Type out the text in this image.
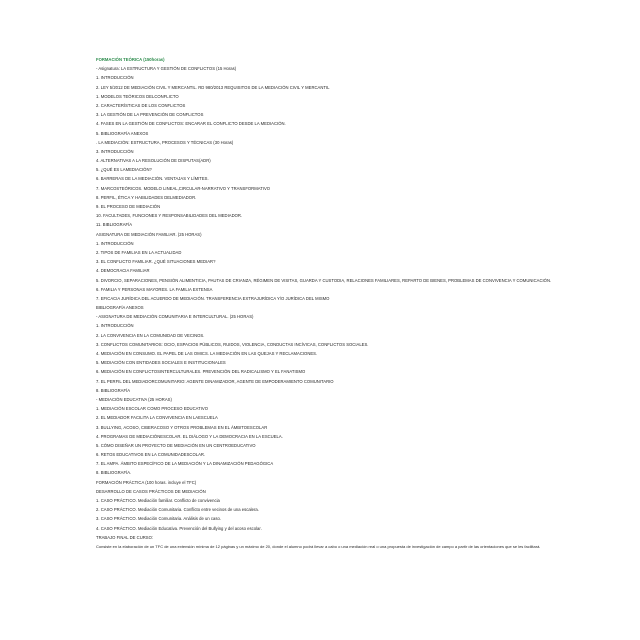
FORMACIÓN TEÓRICA (150horas)
- Asignatura: LA ESTRUCTURA Y GESTIÓN DE CONFLICTOS (15 Horas)
1. INTRODUCCIÓN
2. LEY 5/2012 DE MEDIACIÓN CIVIL Y MERCANTIL. RD 980/2013 REQUISITOS DE LA MEDIACIÓN CIVIL Y MERCANTIL
1. MODELOS TEÓRICOS DELCONFLICTO
2. CARACTERÍSTICAS DE LOS CONFLICTOS
3. LA GESTIÓN DE LA PREVENCIÓN DE CONFLICTOS
4. FASES EN LA GESTIÓN DE CONFLICTOS: ENCARAR EL CONFLICTO DESDE LA MEDIACIÓN.
5. BIBLIOGRAFÍA ANEXOS
. LA MEDIACIÓN: ESTRUCTURA, PROCESOS Y TÉCNICAS (30 Horas)
3. INTRODUCCIÓN
4. ALTERNATIVAS A LA RESOLUCIÓN DE DISPUTAS(ADR)
5. ¿QUÉ ES LAMEDIACIÓN?
6. BARRERAS DE LA MEDIACIÓN. VENTAJAS Y LÍMITES.
7. MARCOSTEÓRICOS. MODELO LINEAL,CIRCULAR-NARRATIVO Y TRANSFORMATIVO
8. PERFIL, ÉTICA Y HABILIDADES DELMEDIADOR.
9. EL PROCESO DE MEDIACIÓN
10. FACULTADES, FUNCIONES Y RESPONSABILIDADES DEL MEDIADOR.
11. BIBLIOGRAFÍA
ASIGNATURA DE MEDIACIÓN FAMILIAR. (25 HORAS)
1. INTRODUCCIÓN
2. TIPOS DE FAMILIAS EN LA ACTUALIDAD
3. EL CONFLICTO FAMILIAR. ¿QUÉ SITUACIONES MEDIAR?
4. DEMOCRACIA FAMILIAR
5. DIVORCIO, SEPARACIONES, PENSIÓN ALIMENTICIA, PAUTAS DE CRIANZA, RÉGIMEN DE VISITAS, GUARDA Y CUSTODIA, RELACIONES FAMILIARES, REPARTO DE BIENES, PROBLEMAS DE CONVIVENCIA Y COMUNICACIÓN.
6. FAMILIA Y PERSONAS MAYORES. LA FAMILIA EXTENSA
7. EFICACIA JURÍDICA DEL ACUERDO DE MEDIACIÓN. TRANSFERENCIA EXTRAJURÍDICA Y/O JURÍDICA DEL MISMO
BIBLIOGRAFÍA ANEXOS
- ASIGNATURA DE MEDIACIÓN COMUNITARIA E INTERCULTURAL. (25 HORAS)
1. INTRODUCCIÓN
2. LA CONVIVENCIA EN LA COMUNIDAD DE VECINOS.
3. CONFLICTOS COMUNITARIOS: OCIO, ESPACIOS PÚBLICOS, RUIDOS, VIOLENCIA, CONDUCTAS INCÍVICAS, CONFLICTOS SOCIALES.
4. MEDIACIÓN EN CONSUMO. EL PAPEL DE LAS OMICS. LA MEDIACIÓN EN LAS QUEJAS Y RECLAMACIONES.
5. MEDIACIÓN CON ENTIDADES SOCIALES E INSTITUCIONALES
6. MEDIACIÓN EN CONFLICTOSINTERCULTURALES. PREVENCIÓN DEL RADICALISMO Y EL FANATISMO
7. EL PERFIL DEL MEDIADORCOMUNITARIO: AGENTE DINAMIZADOR, AGENTE DE EMPODERAMIENTO COMUNITARIO
8. BIBLIOGRAFÍA
- MEDIACIÓN EDUCATIVA (25 HORAS)
1. MEDIACIÓN ESCOLAR COMO PROCESO EDUCATIVO
2. EL MEDIADOR FACILITA LA CONVIVENCIA EN LAESCUELA
3. BULLYING, ACOSO, CIBERACOSO Y OTROS PROBLEMAS EN EL ÁMBITOESCOLAR
4. PROGRAMAS DE MEDIACIÓNESCOLAR. EL DIÁLOGO Y LA DEMOCRACIA EN LA ESCUELA.
5. CÓMO DISEÑAR UN PROYECTO DE MEDIACIÓN EN UN CENTROEDUCATIVO
6. RETOS EDUCATIVOS EN LA COMUNIDADESCOLAR.
7. EL AMPA. ÁMBITO ESPECÍFICO DE LA MEDIACIÓN Y LA DINAMIZACIÓN PEDAGÓGICA
8. BIBLIOGRAFÍA.
FORMACIÓN PRÁCTICA (100 horas. incluye el TFC)
DESARROLLO DE CASOS PRÁCTICOS DE MEDIACIÓN
1. CASO PRÁCTICO. Mediación familiar. Conflicto de convivencia
2. CASO PRÁCTICO. Mediación Comunitaria. Conflicto entre vecinos de una escalera.
3. CASO PRÁCTICO. Mediación Comunitaria. Análisis de un caso.
4. CASO PRÁCTICO. Mediación Educativa. Prevención del Bullying y del acoso escolar.
TRABAJO FINAL DE CURSO:
Consiste en la elaboración de un TFC de una extensión mínima de 12 páginas y un máximo de 20, donde el alumno podrá llevar a cabo o una mediación real o una propuesta de investigación de campo a partir de las orientaciones que se les facilitará.
